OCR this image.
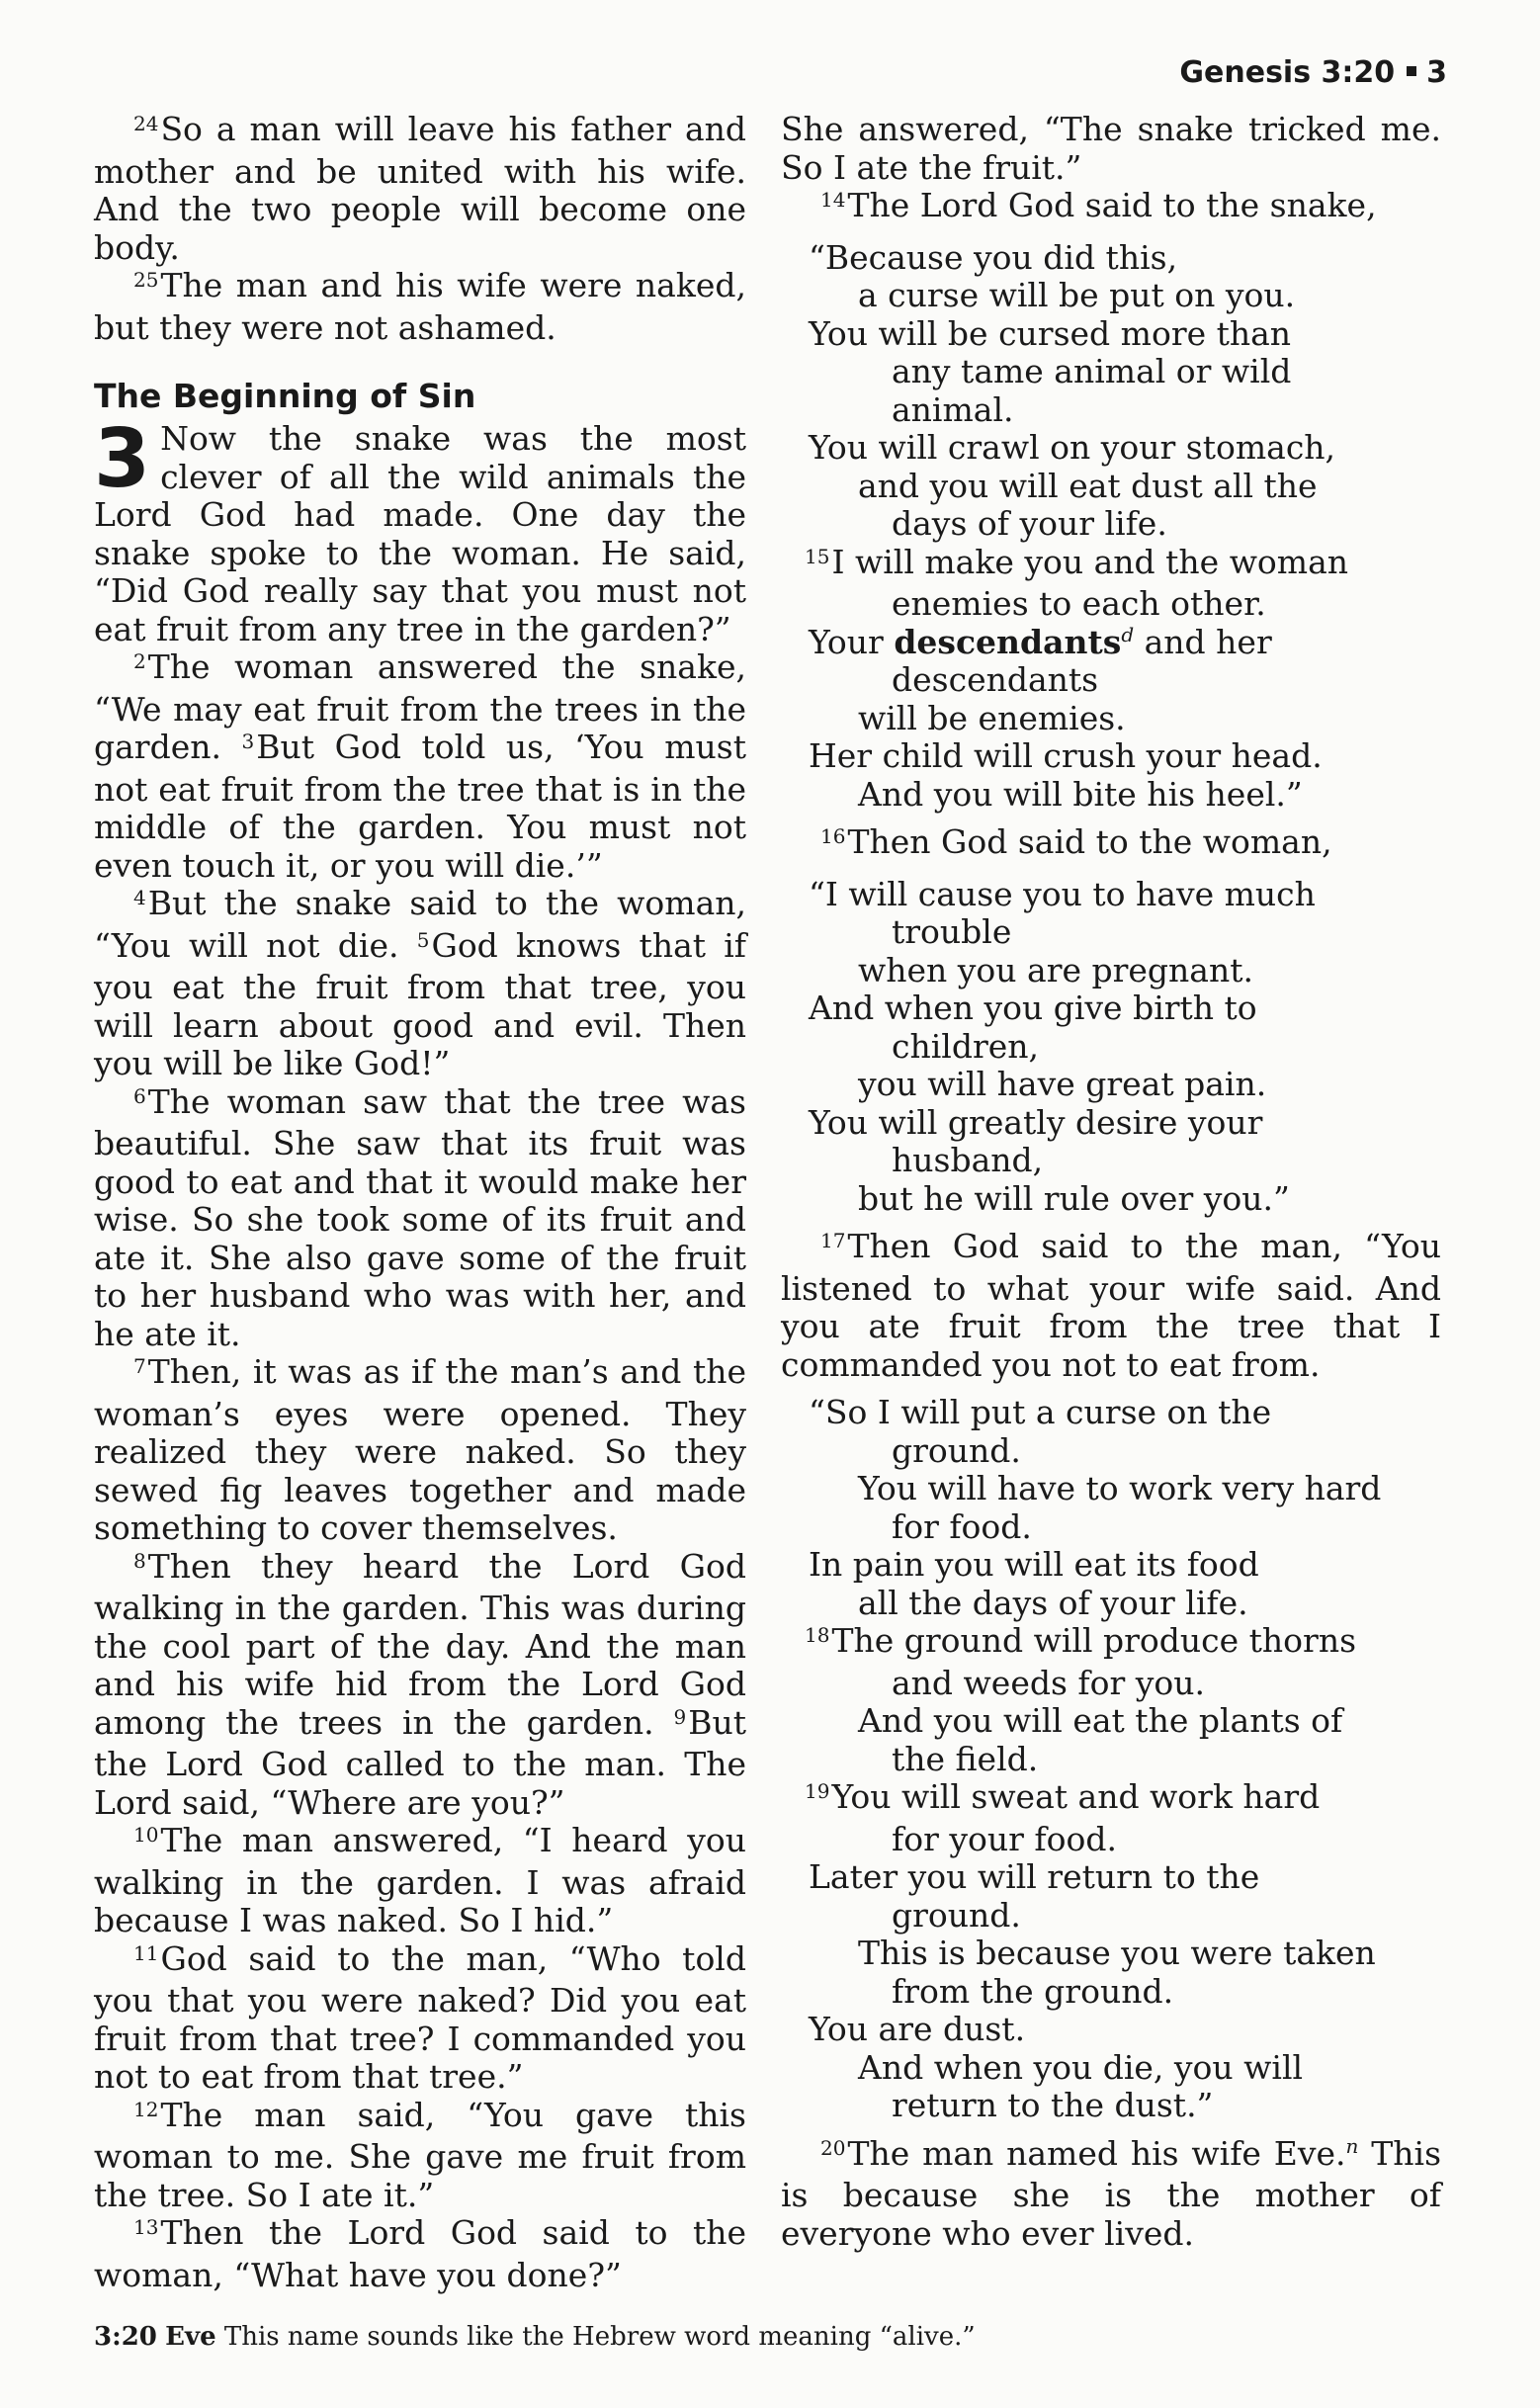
Genesis 3:20 3

$^{24}$So a man will leave his father and mother and be united with his wife. And the two people will become one body.

$^{25}$The man and his wife were naked, but they were not ashamed.

The Beginning of Sin

3 Now the snake was the most clever of all the wild animals the Lord God had made. One day the snake spoke to the woman. He said, “Did God really say that you must not eat fruit from any tree in the garden?”

$^2$The woman answered the snake, “We may eat fruit from the trees in the garden. $^3$But God told us, ‘You must not eat fruit from the tree that is in the middle of the garden. You must not even touch it, or you will die.’”

$^4$But the snake said to the woman, “You will not die. $^5$God knows that if you eat the fruit from that tree, you will learn about good and evil. Then you will be like God!”

$^6$The woman saw that the tree was beautiful. She saw that its fruit was good to eat and that it would make her wise. So she took some of its fruit and ate it. She also gave some of the fruit to her husband who was with her, and he ate it.

$^7$Then, it was as if the man’s and the woman’s eyes were opened. They realized they were naked. So they sewed fig leaves together and made something to cover themselves.

$^8$Then they heard the Lord God walking in the garden. This was during the cool part of the day. And the man and his wife hid from the Lord God among the trees in the garden. $^9$But the Lord God called to the man. The Lord said, “Where are you?”

$^{10}$The man answered, “I heard you walking in the garden. I was afraid because I was naked. So I hid.”

$^{11}$God said to the man, “Who told you that you were naked? Did you eat fruit from that tree? I commanded you not to eat from that tree.”

$^{12}$The man said, “You gave this woman to me. She gave me fruit from the tree. So I ate it.”

$^{13}$Then the Lord God said to the woman, “What have you done?”

She answered, “The snake tricked me. So I ate the fruit.”

$^{14}$The Lord God said to the snake,

“Because you did this,

a curse will be put on you.

You will be cursed more than

any tame animal or wild

animal.

You will crawl on your stomach,

and you will eat dust all the

days of your life.

$^{15}$I will make you and the woman

enemies to each other.

Your descendants$^d$ and her

descendants

will be enemies.

Her child will crush your head.

And you will bite his heel.”

$^{16}$Then God said to the woman,

“I will cause you to have much

trouble

when you are pregnant.

And when you give birth to

children,

you will have great pain.

You will greatly desire your

husband,

but he will rule over you.”

$^{17}$Then God said to the man, “You listened to what your wife said. And you ate fruit from the tree that I commanded you not to eat from.

“So I will put a curse on the

ground.

You will have to work very hard

for food.

In pain you will eat its food

all the days of your life.

$^{18}$The ground will produce thorns

and weeds for you.

And you will eat the plants of

the field.

$^{19}$You will sweat and work hard

for your food.

Later you will return to the

ground.

This is because you were taken

from the ground.

You are dust.

And when you die, you will

return to the dust.”

$^{20}$The man named his wife Eve.$^n$ This is because she is the mother of everyone who ever lived.

3:20 Eve This name sounds like the Hebrew word meaning “alive.”
